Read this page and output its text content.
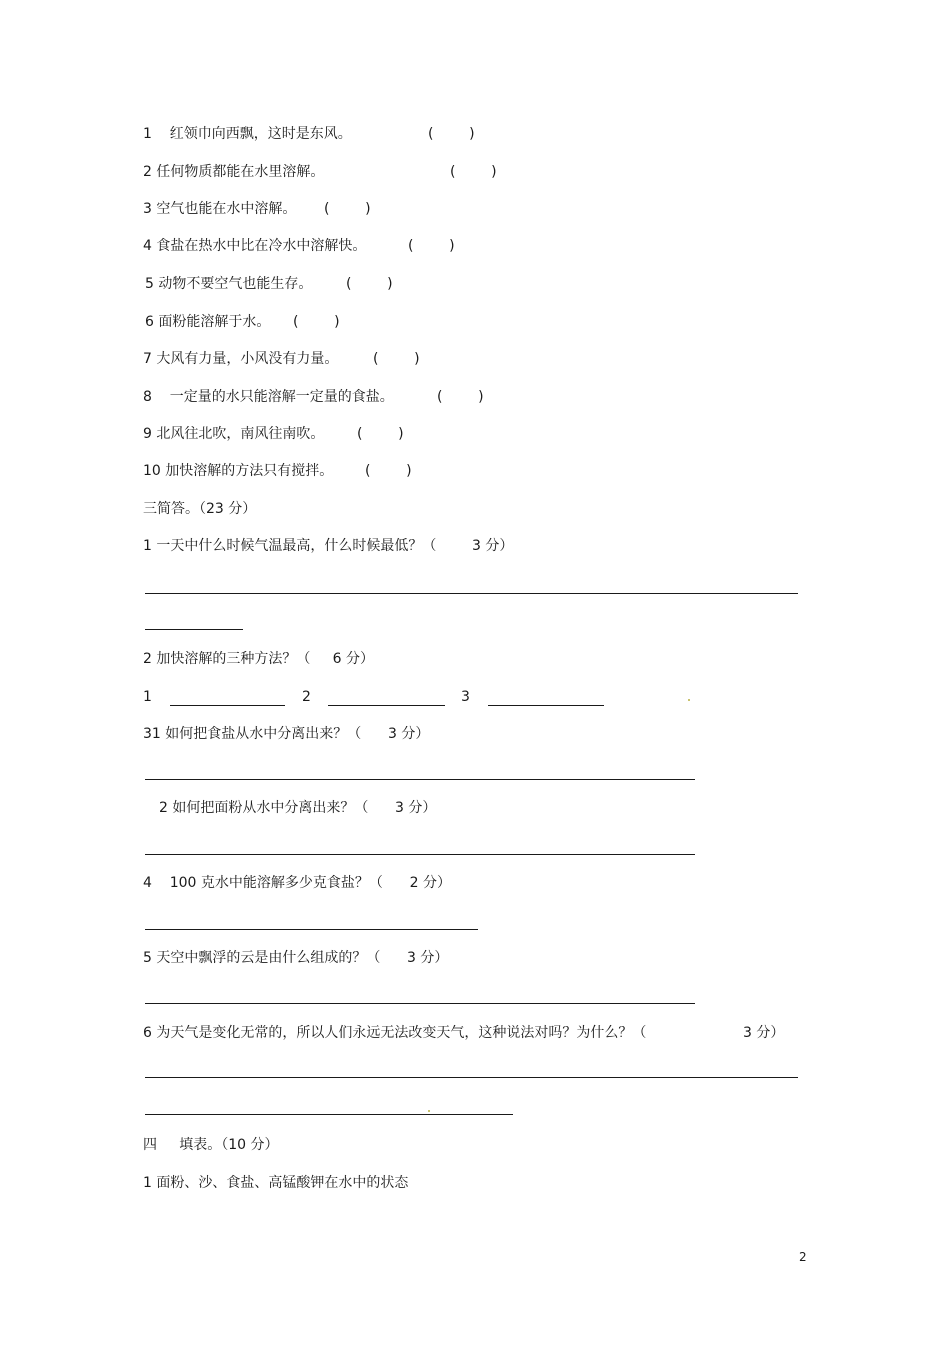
1    红领巾向西飘，这时是东风。	(        )
2 任何物质都能在水里溶解。	(        )
3 空气也能在水中溶解。 (        )
4 食盐在热水中比在冷水中溶解快。	(        )
5 动物不要空气也能生存。 (        )
6 面粉能溶解于水。 (        )
7 大风有力量，小风没有力量。 (        )
8    一定量的水只能溶解一定量的食盐。	(        )
9 北风往北吹，南风往南吹。 (        )
10 加快溶解的方法只有搅拌。 (        )
三简答。（23 分）
1 一天中什么时候气温最高，什么时候最低？（        3 分）
2 加快溶解的三种方法？（     6 分）
1	2	3
31 如何把食盐从水中分离出来？（      3 分）
2 如何把面粉从水中分离出来？（      3 分）
4    100 克水中能溶解多少克食盐？（      2 分）
5 天空中飘浮的云是由什么组成的？（      3 分）
6 为天气是变化无常的，所以人们永远无法改变天气，这种说法对吗？为什么？（	3 分）
四     填表。（10 分）
1 面粉、沙、食盐、高锰酸钾在水中的状态
2
